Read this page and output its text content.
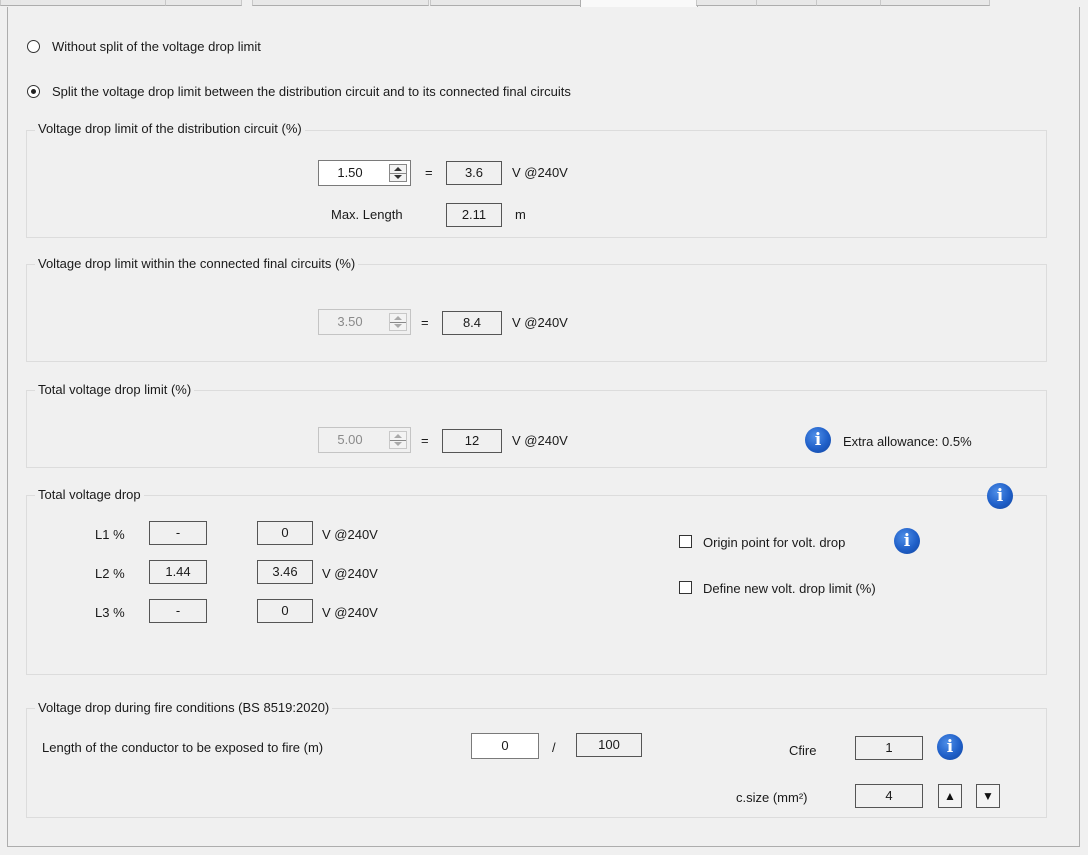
Without split of the voltage drop limit
Split the voltage drop limit between the distribution circuit and to its connected final circuits
Voltage drop limit of the distribution circuit (%)
1.50	=	3.6	V @240V
Max. Length	2.11	m
Voltage drop limit within the connected final circuits (%)
3.50	=	8.4	V @240V
Total voltage drop limit (%)
5.00	=	12	V @240V	i	Extra allowance: 0.5%
Total voltage drop	i
L1 %	-	0	V @240V
L2 %	1.44	3.46	V @240V
L3 %	-	0	V @240V
Origin point for volt. drop	i
Define new volt. drop limit (%)
Voltage drop during fire conditions (BS 8519:2020)
Length of the conductor to be exposed to fire (m)	0	/	100	Cfire	1	i
c.size (mm²)	4	▲	▼
